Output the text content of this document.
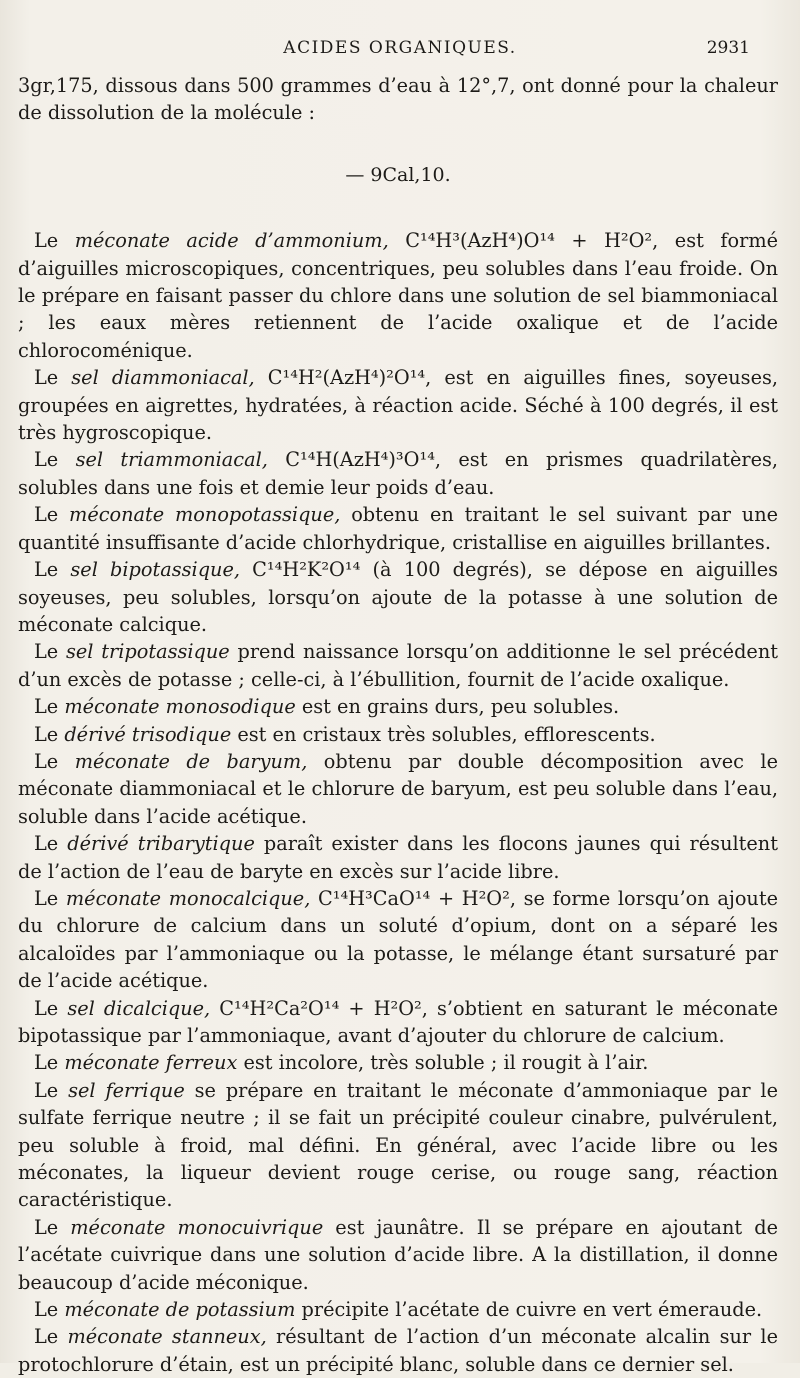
ACIDES ORGANIQUES.	2931

3gr,175, dissous dans 500 grammes d’eau à 12°,7, ont donné pour la chaleur de dissolution de la molécule :

— 9Cal,10.

Le méconate acide d’ammonium, C¹⁴H³(AzH⁴)O¹⁴ + H²O², est formé d’aiguilles microscopiques, concentriques, peu solubles dans l’eau froide. On le prépare en faisant passer du chlore dans une solution de sel biammoniacal ; les eaux mères retiennent de l’acide oxalique et de l’acide chlorocoménique.

Le sel diammoniacal, C¹⁴H²(AzH⁴)²O¹⁴, est en aiguilles fines, soyeuses, groupées en aigrettes, hydratées, à réaction acide. Séché à 100 degrés, il est très hygroscopique.

Le sel triammoniacal, C¹⁴H(AzH⁴)³O¹⁴, est en prismes quadrilatères, solubles dans une fois et demie leur poids d’eau.

Le méconate monopotassique, obtenu en traitant le sel suivant par une quantité insuffisante d’acide chlorhydrique, cristallise en aiguilles brillantes.

Le sel bipotassique, C¹⁴H²K²O¹⁴ (à 100 degrés), se dépose en aiguilles soyeuses, peu solubles, lorsqu’on ajoute de la potasse à une solution de méconate calcique.

Le sel tripotassique prend naissance lorsqu’on additionne le sel précédent d’un excès de potasse ; celle-ci, à l’ébullition, fournit de l’acide oxalique.

Le méconate monosodique est en grains durs, peu solubles.

Le dérivé trisodique est en cristaux très solubles, efflorescents.

Le méconate de baryum, obtenu par double décomposition avec le méconate diammoniacal et le chlorure de baryum, est peu soluble dans l’eau, soluble dans l’acide acétique.

Le dérivé tribarytique paraît exister dans les flocons jaunes qui résultent de l’action de l’eau de baryte en excès sur l’acide libre.

Le méconate monocalcique, C¹⁴H³CaO¹⁴ + H²O², se forme lorsqu’on ajoute du chlorure de calcium dans un soluté d’opium, dont on a séparé les alcaloïdes par l’ammoniaque ou la potasse, le mélange étant sursaturé par de l’acide acétique.

Le sel dicalcique, C¹⁴H²Ca²O¹⁴ + H²O², s’obtient en saturant le méconate bipotassique par l’ammoniaque, avant d’ajouter du chlorure de calcium.

Le méconate ferreux est incolore, très soluble ; il rougit à l’air.

Le sel ferrique se prépare en traitant le méconate d’ammoniaque par le sulfate ferrique neutre ; il se fait un précipité couleur cinabre, pulvérulent, peu soluble à froid, mal défini. En général, avec l’acide libre ou les méconates, la liqueur devient rouge cerise, ou rouge sang, réaction caractéristique.

Le méconate monocuivrique est jaunâtre. Il se prépare en ajoutant de l’acétate cuivrique dans une solution d’acide libre. A la distillation, il donne beaucoup d’acide méconique.

Le méconate de potassium précipite l’acétate de cuivre en vert émeraude.

Le méconate stanneux, résultant de l’action d’un méconate alcalin sur le protochlorure d’étain, est un précipité blanc, soluble dans ce dernier sel.
